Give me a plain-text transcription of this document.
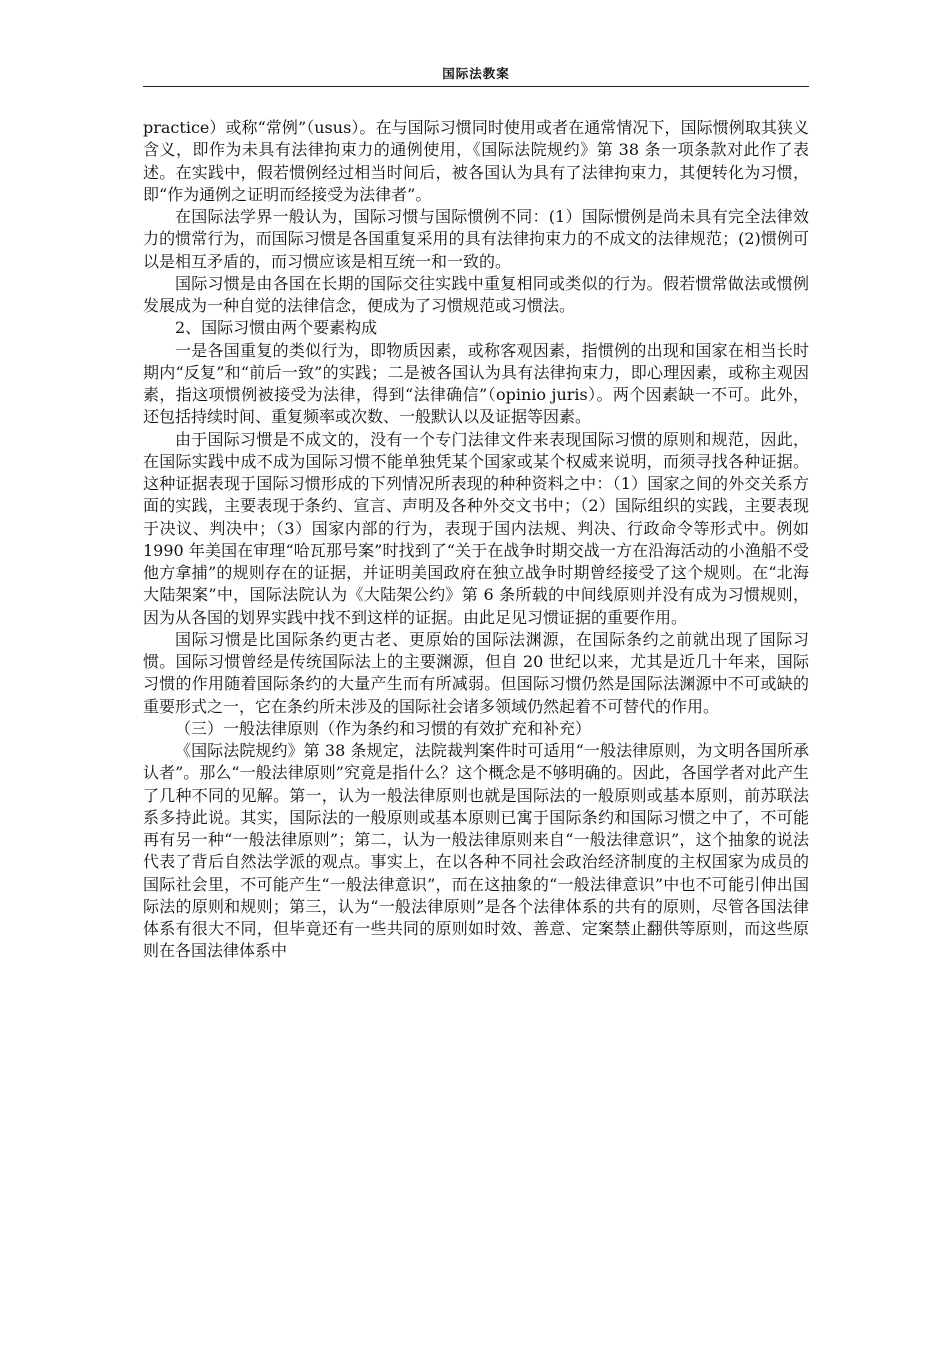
国际法教案

practice）或称“常例”（usus）。在与国际习惯同时使用或者在通常情况下，国际惯例取其狭义含义，即作为未具有法律拘束力的通例使用，《国际法院规约》第 38 条一项条款对此作了表述。在实践中，假若惯例经过相当时间后，被各国认为具有了法律拘束力，其便转化为习惯，即“作为通例之证明而经接受为法律者”。

在国际法学界一般认为，国际习惯与国际惯例不同：(1）国际惯例是尚未具有完全法律效力的惯常行为，而国际习惯是各国重复采用的具有法律拘束力的不成文的法律规范；(2)惯例可以是相互矛盾的，而习惯应该是相互统一和一致的。

国际习惯是由各国在长期的国际交往实践中重复相同或类似的行为。假若惯常做法或惯例发展成为一种自觉的法律信念，便成为了习惯规范或习惯法。

2、国际习惯由两个要素构成

一是各国重复的类似行为，即物质因素，或称客观因素，指惯例的出现和国家在相当长时期内“反复”和“前后一致”的实践；二是被各国认为具有法律拘束力，即心理因素，或称主观因素，指这项惯例被接受为法律，得到“法律确信”（opinio juris）。两个因素缺一不可。此外，还包括持续时间、重复频率或次数、一般默认以及证据等因素。

由于国际习惯是不成文的，没有一个专门法律文件来表现国际习惯的原则和规范，因此，在国际实践中成不成为国际习惯不能单独凭某个国家或某个权威来说明，而须寻找各种证据。这种证据表现于国际习惯形成的下列情况所表现的种种资料之中：（1）国家之间的外交关系方面的实践，主要表现于条约、宣言、声明及各种外交文书中；（2）国际组织的实践，主要表现于决议、判决中；（3）国家内部的行为，表现于国内法规、判决、行政命令等形式中。例如 1990 年美国在审理“哈瓦那号案”时找到了“关于在战争时期交战一方在沿海活动的小渔船不受他方拿捕”的规则存在的证据，并证明美国政府在独立战争时期曾经接受了这个规则。在“北海大陆架案”中，国际法院认为《大陆架公约》第 6 条所载的中间线原则并没有成为习惯规则，因为从各国的划界实践中找不到这样的证据。由此足见习惯证据的重要作用。

国际习惯是比国际条约更古老、更原始的国际法渊源，在国际条约之前就出现了国际习惯。国际习惯曾经是传统国际法上的主要渊源，但自 20 世纪以来，尤其是近几十年来，国际习惯的作用随着国际条约的大量产生而有所减弱。但国际习惯仍然是国际法渊源中不可或缺的重要形式之一，它在条约所未涉及的国际社会诸多领域仍然起着不可替代的作用。

（三）一般法律原则（作为条约和习惯的有效扩充和补充）

《国际法院规约》第 38 条规定，法院裁判案件时可适用“一般法律原则，为文明各国所承认者”。那么“一般法律原则”究竟是指什么？这个概念是不够明确的。因此，各国学者对此产生了几种不同的见解。第一，认为一般法律原则也就是国际法的一般原则或基本原则，前苏联法系多持此说。其实，国际法的一般原则或基本原则已寓于国际条约和国际习惯之中了，不可能再有另一种“一般法律原则”；第二，认为一般法律原则来自“一般法律意识”，这个抽象的说法代表了背后自然法学派的观点。事实上，在以各种不同社会政治经济制度的主权国家为成员的国际社会里，不可能产生“一般法律意识”，而在这抽象的“一般法律意识”中也不可能引伸出国际法的原则和规则；第三，认为“一般法律原则”是各个法律体系的共有的原则，尽管各国法律体系有很大不同，但毕竟还有一些共同的原则如时效、善意、定案禁止翻供等原则，而这些原则在各国法律体系中
